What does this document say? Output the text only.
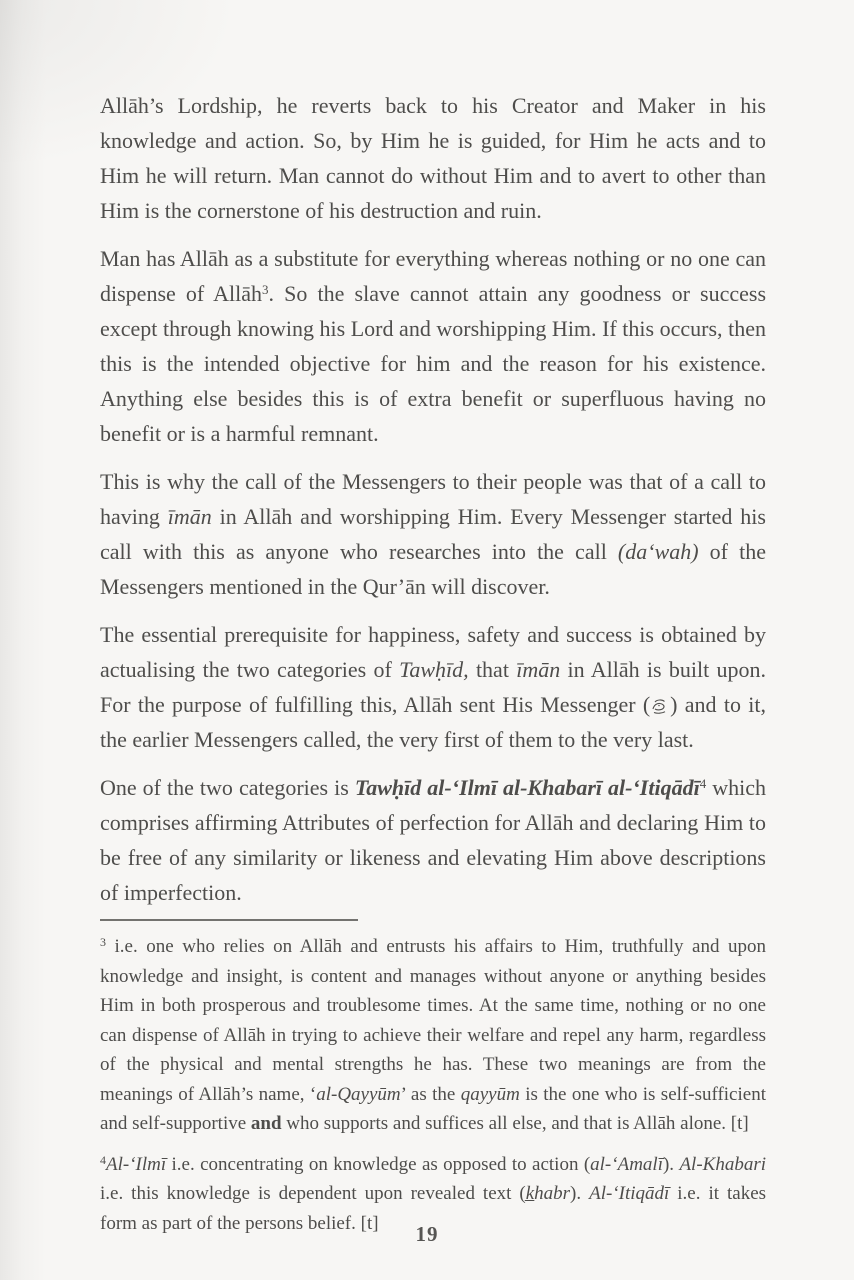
Allāh’s Lordship, he reverts back to his Creator and Maker in his knowledge and action. So, by Him he is guided, for Him he acts and to Him he will return. Man cannot do without Him and to avert to other than Him is the cornerstone of his destruction and ruin.

Man has Allāh as a substitute for everything whereas nothing or no one can dispense of Allāh$^3$. So the slave cannot attain any goodness or success except through knowing his Lord and worshipping Him. If this occurs, then this is the intended objective for him and the reason for his existence. Anything else besides this is of extra benefit or superfluous having no benefit or is a harmful remnant.

This is why the call of the Messengers to their people was that of a call to having īmān in Allāh and worshipping Him. Every Messenger started his call with this as anyone who researches into the call (da‘wah) of the Messengers mentioned in the Qur’ān will discover.

The essential prerequisite for happiness, safety and success is obtained by actualising the two categories of Tawḥīd, that īmān in Allāh is built upon. For the purpose of fulfilling this, Allāh sent His Messenger ( ) and to it, the earlier Messengers called, the very first of them to the very last.

One of the two categories is Tawḥīd al-‘Ilmī al-Khabarī al-‘Itiqādī$^4$ which comprises affirming Attributes of perfection for Allāh and declaring Him to be free of any similarity or likeness and elevating Him above descriptions of imperfection.

$^3$ i.e. one who relies on Allāh and entrusts his affairs to Him, truthfully and upon knowledge and insight, is content and manages without anyone or anything besides Him in both prosperous and troublesome times. At the same time, nothing or no one can dispense of Allāh in trying to achieve their welfare and repel any harm, regardless of the physical and mental strengths he has. These two meanings are from the meanings of Allāh’s name, ‘al-Qayyūm’ as the qayyūm is the one who is self-sufficient and self-supportive and who supports and suffices all else, and that is Allāh alone. [t]

$^4$Al-‘Ilmī i.e. concentrating on knowledge as opposed to action (al-‘Amalī). Al-Khabari i.e. this knowledge is dependent upon revealed text (k̲habr). Al-‘Itiqādī i.e. it takes form as part of the persons belief. [t]	19
